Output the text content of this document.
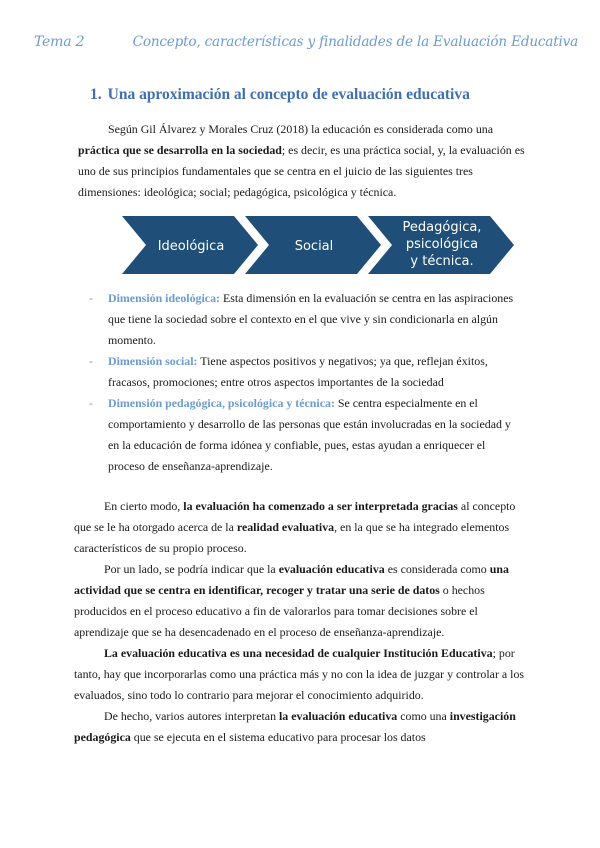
Tema 2	Concepto, características y finalidades de la Evaluación Educativa
1. Una aproximación al concepto de evaluación educativa

Según Gil Álvarez y Morales Cruz (2018) la educación es considerada como una práctica que se desarrolla en la sociedad; es decir, es una práctica social, y, la evaluación es uno de sus principios fundamentales que se centra en el juicio de las siguientes tres dimensiones: ideológica; social; pedagógica, psicológica y técnica.

Ideológica	Social
Pedagógica,
psicológica
y técnica.
- Dimensión ideológica: Esta dimensión en la evaluación se centra en las aspiraciones que tiene la sociedad sobre el contexto en el que vive y sin condicionarla en algún momento.
- Dimensión social: Tiene aspectos positivos y negativos; ya que, reflejan éxitos, fracasos, promociones; entre otros aspectos importantes de la sociedad
- Dimensión pedagógica, psicológica y técnica: Se centra especialmente en el comportamiento y desarrollo de las personas que están involucradas en la sociedad y en la educación de forma idónea y confiable, pues, estas ayudan a enriquecer el proceso de enseñanza-aprendizaje.

En cierto modo, la evaluación ha comenzado a ser interpretada gracias al concepto que se le ha otorgado acerca de la realidad evaluativa, en la que se ha integrado elementos característicos de su propio proceso.

Por un lado, se podría indicar que la evaluación educativa es considerada como una actividad que se centra en identificar, recoger y tratar una serie de datos o hechos producidos en el proceso educativo a fin de valorarlos para tomar decisiones sobre el aprendizaje que se ha desencadenado en el proceso de enseñanza-aprendizaje.

La evaluación educativa es una necesidad de cualquier Institución Educativa; por tanto, hay que incorporarlas como una práctica más y no con la idea de juzgar y controlar a los evaluados, sino todo lo contrario para mejorar el conocimiento adquirido.

De hecho, varios autores interpretan la evaluación educativa como una investigación pedagógica que se ejecuta en el sistema educativo para procesar los datos
